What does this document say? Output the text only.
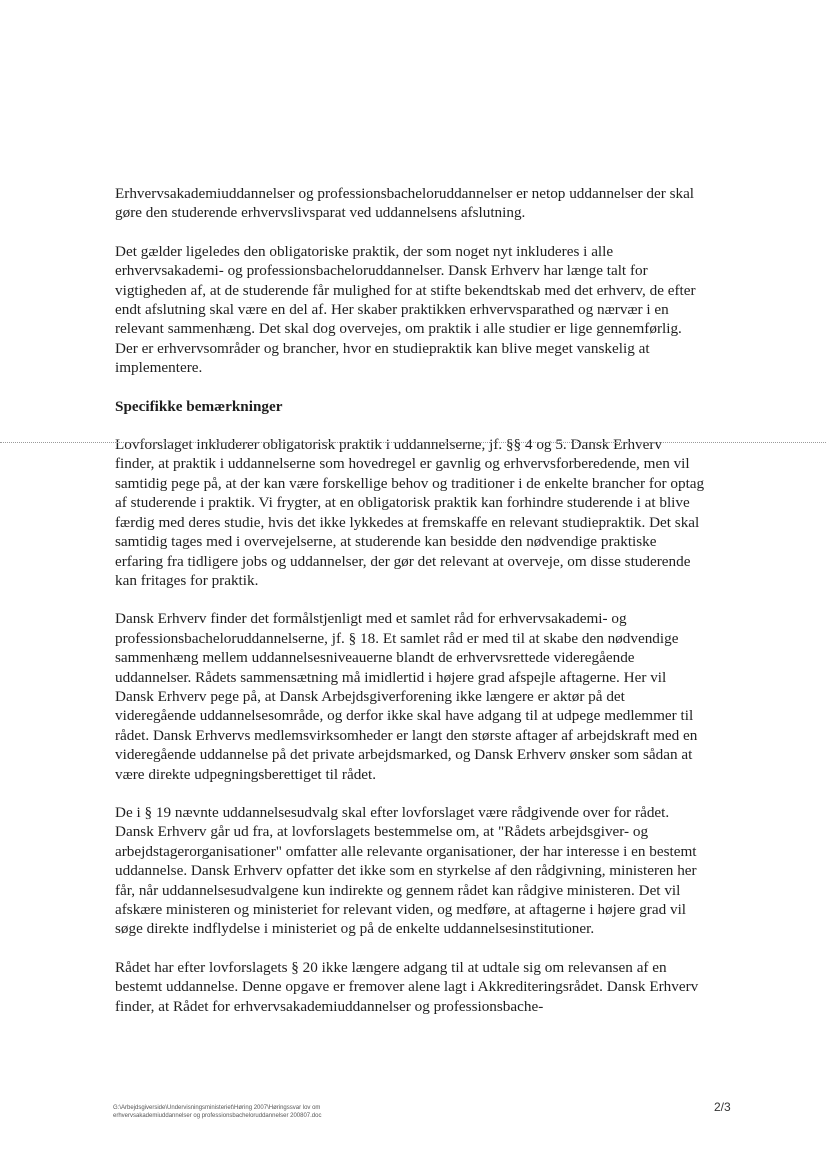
Erhvervsakademiuddannelser og professionsbacheloruddannelser er netop uddannelser der skal gøre den studerende erhvervslivsparat ved uddannelsens afslutning.

Det gælder ligeledes den obligatoriske praktik, der som noget nyt inkluderes i alle erhvervsakademi- og professionsbacheloruddannelser. Dansk Erhverv har længe talt for vigtigheden af, at de studerende får mulighed for at stifte bekendtskab med det erhverv, de efter endt afslutning skal være en del af. Her skaber praktikken erhvervsparathed og nærvær i en relevant sammenhæng. Det skal dog overvejes, om praktik i alle studier er lige gennemførlig. Der er erhvervsområder og brancher, hvor en studiepraktik kan blive meget vanskelig at implementere.

Specifikke bemærkninger

Lovforslaget inkluderer obligatorisk praktik i uddannelserne, jf. §§ 4 og 5. Dansk Erhverv finder, at praktik i uddannelserne som hovedregel er gavnlig og erhvervsforberedende, men vil samtidig pege på, at der kan være forskellige behov og traditioner i de enkelte brancher for optag af studerende i praktik. Vi frygter, at en obligatorisk praktik kan forhindre studerende i at blive færdig med deres studie, hvis det ikke lykkedes at fremskaffe en relevant studiepraktik. Det skal samtidig tages med i overvejelserne, at studerende kan besidde den nødvendige praktiske erfaring fra tidligere jobs og uddannelser, der gør det relevant at overveje, om disse studerende kan fritages for praktik.

Dansk Erhverv finder det formålstjenligt med et samlet råd for erhvervsakademi- og professionsbacheloruddannelserne, jf. § 18. Et samlet råd er med til at skabe den nødvendige sammenhæng mellem uddannelsesniveauerne blandt de erhvervsrettede videregående uddannelser. Rådets sammensætning må imidlertid i højere grad afspejle aftagerne. Her vil Dansk Erhverv pege på, at Dansk Arbejdsgiverforening ikke længere er aktør på det videregående uddannelsesområde, og derfor ikke skal have adgang til at udpege medlemmer til rådet. Dansk Erhvervs medlemsvirksomheder er langt den største aftager af arbejdskraft med en videregående uddannelse på det private arbejdsmarked, og Dansk Erhverv ønsker som sådan at være direkte udpegningsberettiget til rådet.

De i § 19 nævnte uddannelsesudvalg skal efter lovforslaget være rådgivende over for rådet. Dansk Erhverv går ud fra, at lovforslagets bestemmelse om, at "Rådets arbejdsgiver- og arbejdstagerorganisationer" omfatter alle relevante organisationer, der har interesse i en bestemt uddannelse. Dansk Erhverv opfatter det ikke som en styrkelse af den rådgivning, ministeren her får, når uddannelsesudvalgene kun indirekte og gennem rådet kan rådgive ministeren. Det vil afskære ministeren og ministeriet for relevant viden, og medføre, at aftagerne i højere grad vil søge direkte indflydelse i ministeriet og på de enkelte uddannelsesinstitutioner.

Rådet har efter lovforslagets § 20 ikke længere adgang til at udtale sig om relevansen af en bestemt uddannelse. Denne opgave er fremover alene lagt i Akkrediteringsrådet. Dansk Erhverv finder, at Rådet for erhvervsakademiuddannelser og professionsbache-

G:\Arbejdsgiverside\Undervisningsministeriet\Høring 2007\Høringssvar lov om
erhvervsakademiuddannelser og professionsbacheloruddannelser 200807.doc
2/3
